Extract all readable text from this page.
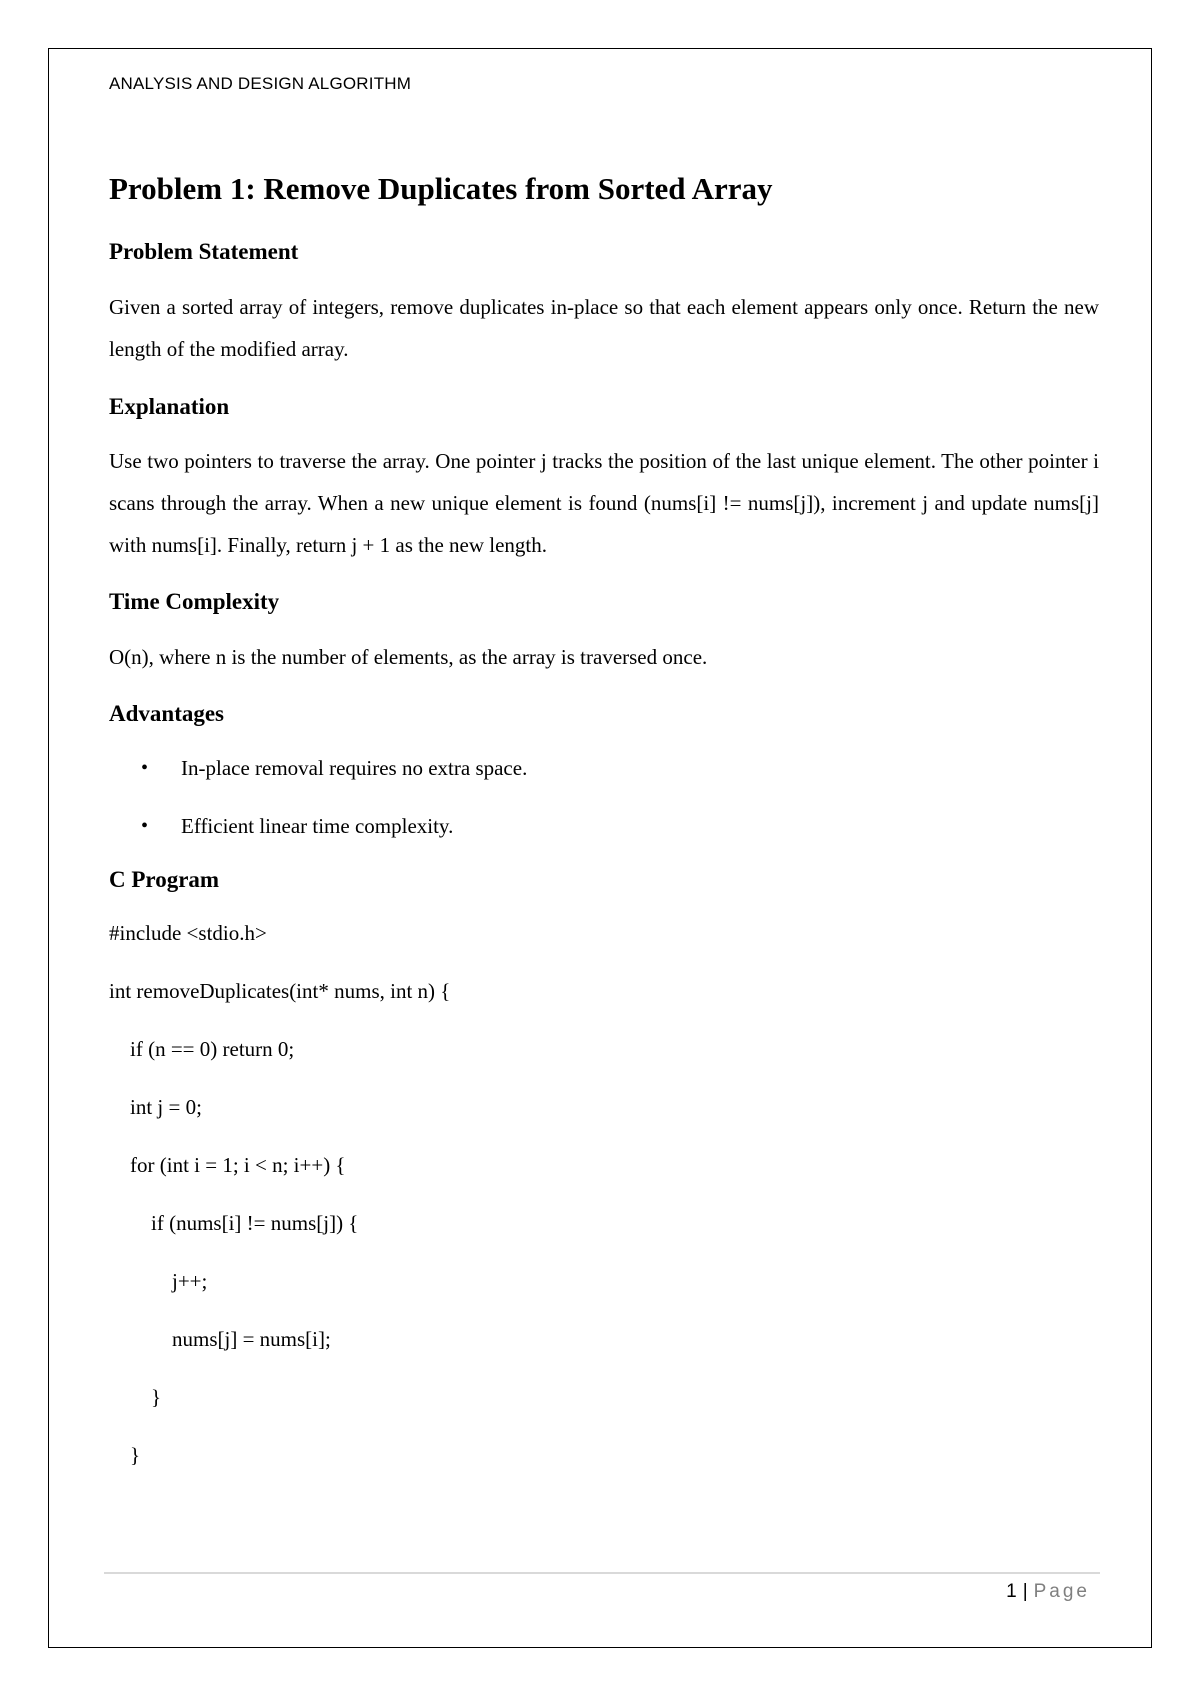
ANALYSIS AND DESIGN ALGORITHM
Problem 1: Remove Duplicates from Sorted Array
Problem Statement

Given a sorted array of integers, remove duplicates in-place so that each element appears only once. Return the new length of the modified array.

Explanation

Use two pointers to traverse the array. One pointer j tracks the position of the last unique element. The other pointer i scans through the array. When a new unique element is found (nums[i] != nums[j]), increment j and update nums[j] with nums[i]. Finally, return j + 1 as the new length.

Time Complexity

O(n), where n is the number of elements, as the array is traversed once.

Advantages
•	In-place removal requires no extra space.
•	Efficient linear time complexity.
C Program
#include <stdio.h>
int removeDuplicates(int* nums, int n) {
if (n == 0) return 0;
int j = 0;
for (int i = 1; i < n; i++) {
if (nums[i] != nums[j]) {
j++;
nums[j] = nums[i];
}
}
1 | Page
